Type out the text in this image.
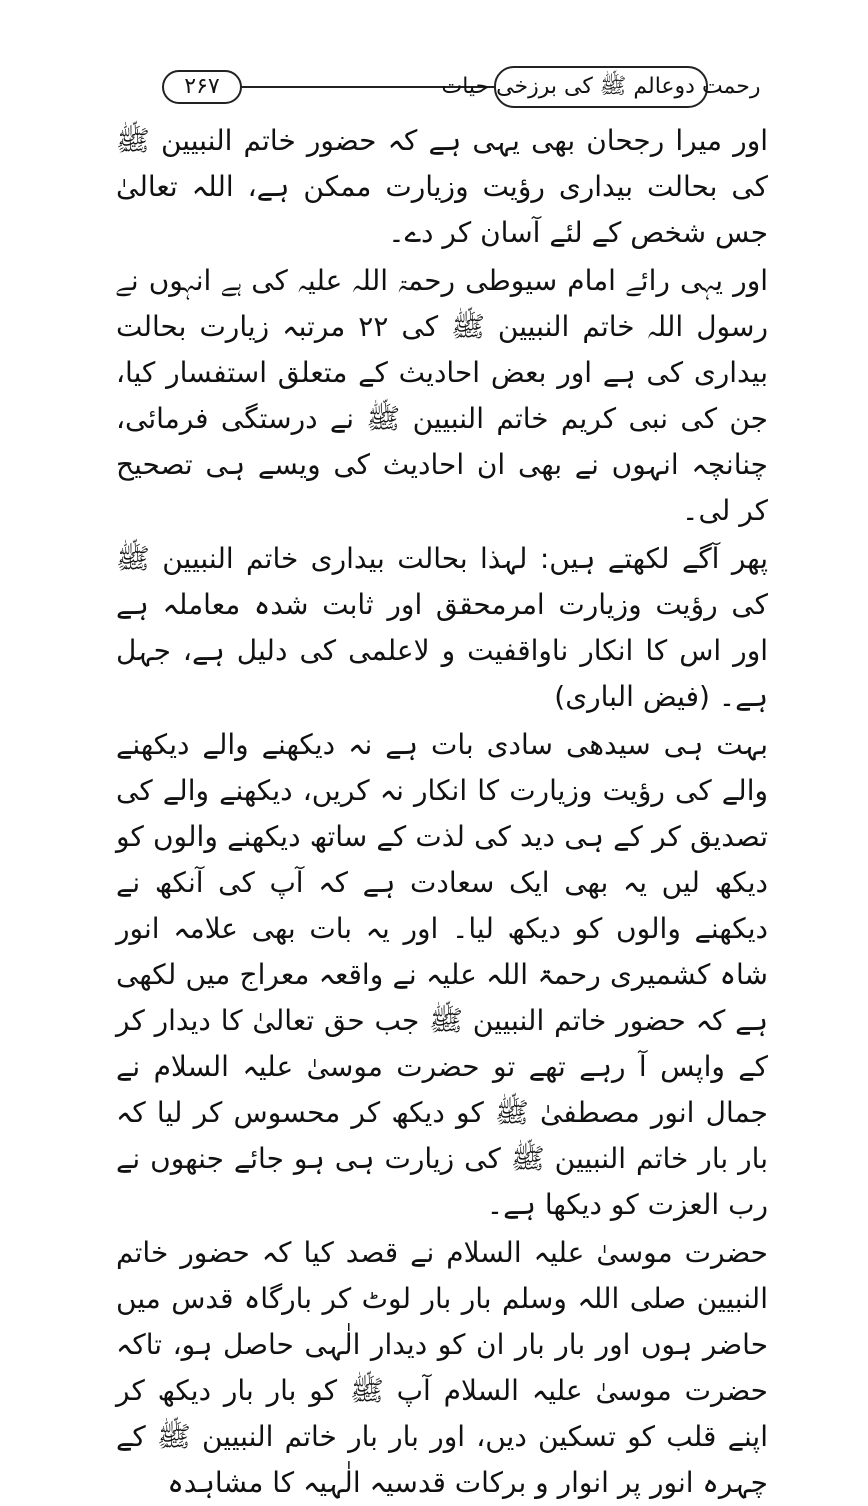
۲۶۷	رحمت دوعالم ﷺ کی برزخی حیات

اور میرا رجحان بھی یہی ہے کہ حضور خاتم النبیین ﷺ کی بحالت بیداری رؤیت وزیارت ممکن ہے، اللہ تعالیٰ جس شخص کے لئے آسان کر دے۔

اور یہی رائے امام سیوطی رحمۃ اللہ علیہ کی ہے انہوں نے رسول اللہ خاتم النبیین ﷺ کی ۲۲ مرتبہ زیارت بحالت بیداری کی ہے اور بعض احادیث کے متعلق استفسار کیا، جن کی نبی کریم خاتم النبیین ﷺ نے درستگی فرمائی، چنانچہ انہوں نے بھی ان احادیث کی ویسے ہی تصحیح کر لی۔

پھر آگے لکھتے ہیں: لہذا بحالت بیداری خاتم النبیین ﷺ کی رؤیت وزیارت امرمحقق اور ثابت شدہ معاملہ ہے اور اس کا انکار ناواقفیت و لاعلمی کی دلیل ہے، جہل ہے۔ (فیض الباری)

بہت ہی سیدھی سادی بات ہے نہ دیکھنے والے دیکھنے والے کی رؤیت وزیارت کا انکار نہ کریں، دیکھنے والے کی تصدیق کر کے ہی دید کی لذت کے ساتھ دیکھنے والوں کو دیکھ لیں یہ بھی ایک سعادت ہے کہ آپ کی آنکھ نے دیکھنے والوں کو دیکھ لیا۔ اور یہ بات بھی علامہ انور شاہ کشمیری رحمۃ اللہ علیہ نے واقعہ معراج میں لکھی ہے کہ حضور خاتم النبیین ﷺ جب حق تعالیٰ کا دیدار کر کے واپس آ رہے تھے تو حضرت موسیٰ علیہ السلام نے جمال انور مصطفیٰ ﷺ کو دیکھ کر محسوس کر لیا کہ بار بار خاتم النبیین ﷺ کی زیارت ہی ہو جائے جنھوں نے رب العزت کو دیکھا ہے۔

حضرت موسیٰ علیہ السلام نے قصد کیا کہ حضور خاتم النبیین صلی اللہ وسلم بار بار لوٹ کر بارگاہ قدس میں حاضر ہوں اور بار بار ان کو دیدار الٰہی حاصل ہو، تاکہ حضرت موسیٰ علیہ السلام آپ ﷺ کو بار بار دیکھ کر اپنے قلب کو تسکین دیں، اور بار بار خاتم النبیین ﷺ کے چہرہ انور پر انوار و برکات قدسیہ الٰہیہ کا مشاہدہ
